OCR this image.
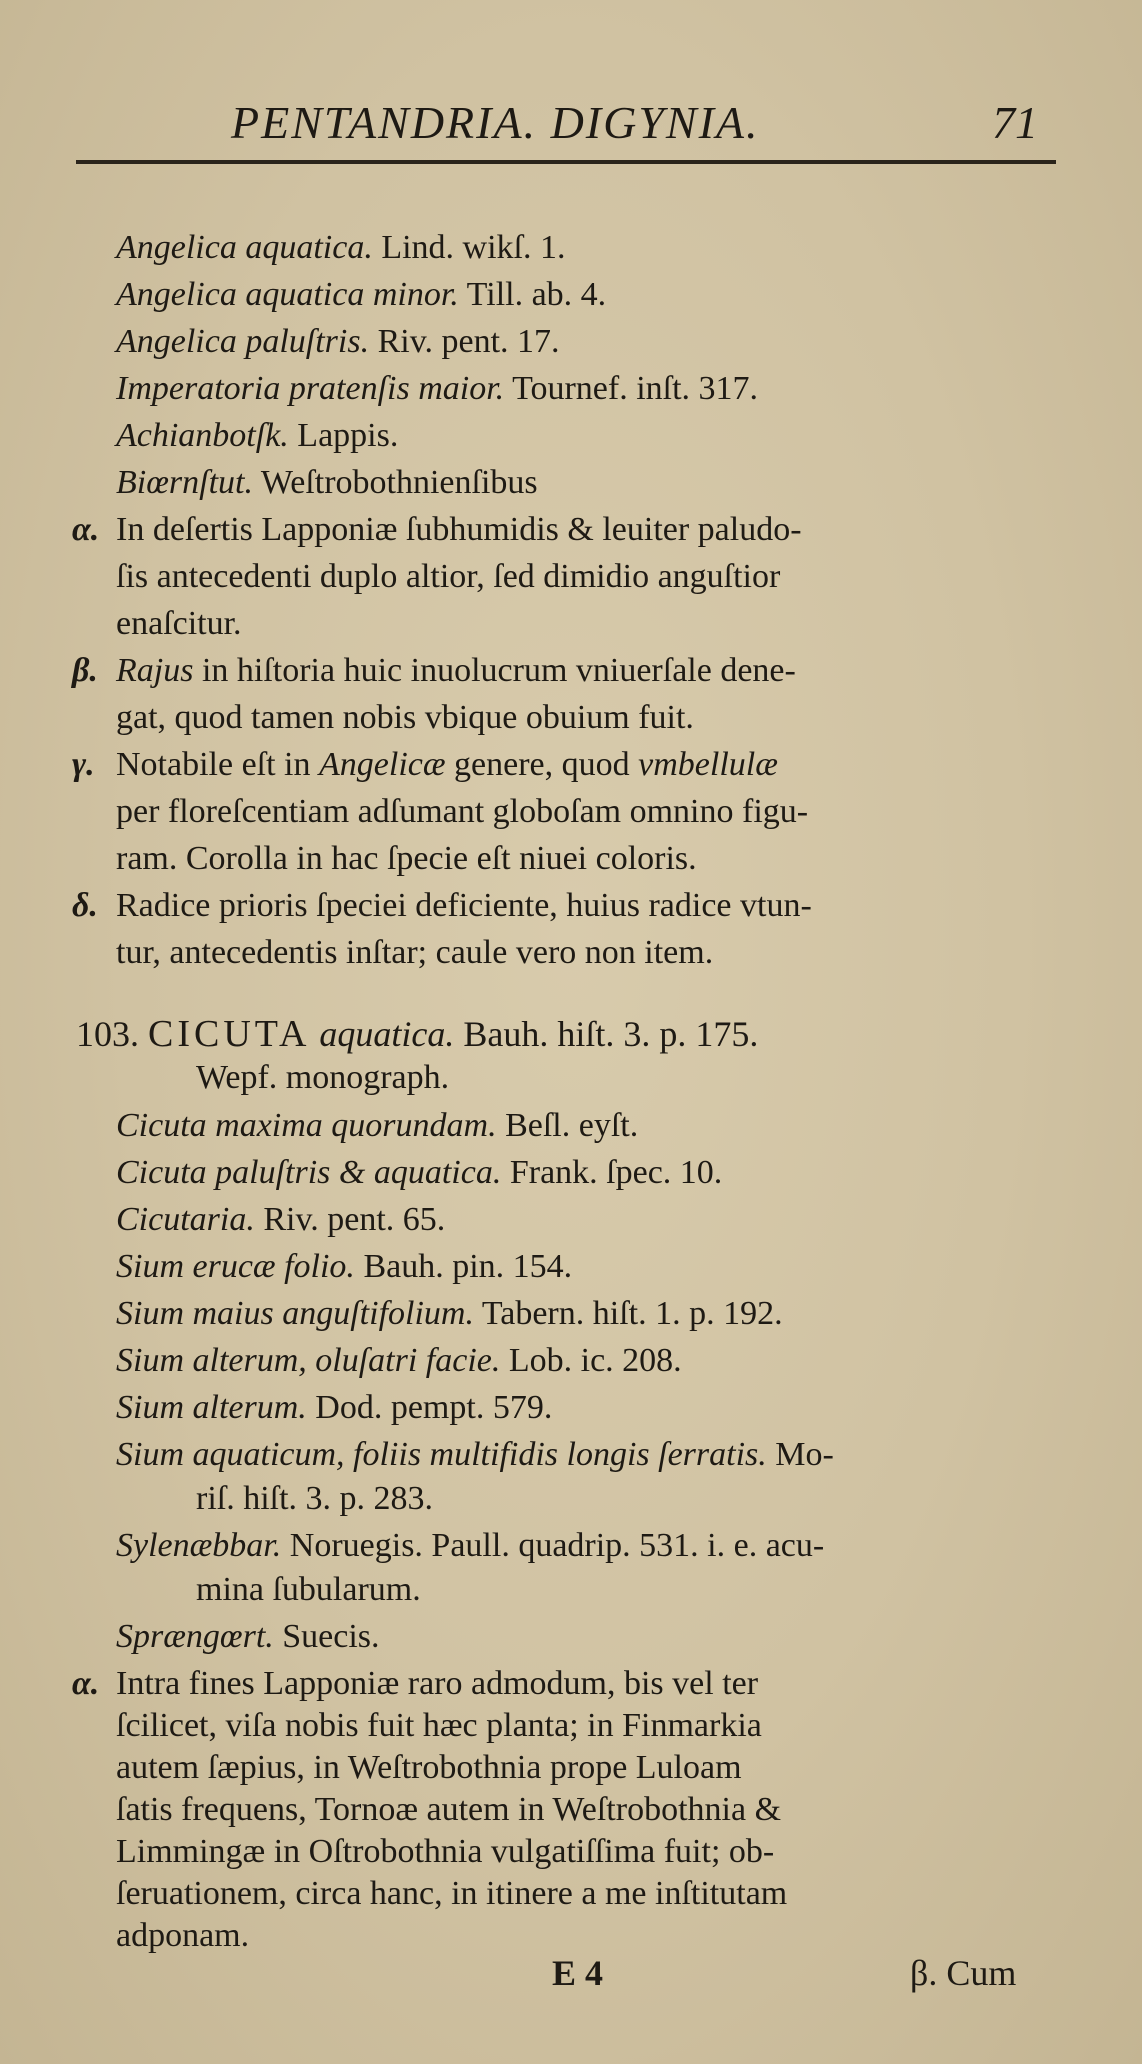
PENTANDRIA. DIGYNIA.	71
Angelica aquatica. Lind. wikſ. 1.
Angelica aquatica minor. Till. ab. 4.
Angelica paluſtris. Riv. pent. 17.
Imperatoria pratenſis maior. Tournef. inſt. 317.
Achianbotſk. Lappis.
Biœrnſtut. Weſtrobothnienſibus
α. In deſertis Lapponiæ ſubhumidis & leuiter paludo-
ſis antecedenti duplo altior, ſed dimidio anguſtior
enaſcitur.
β. Rajus in hiſtoria huic inuolucrum vniuerſale dene-
gat, quod tamen nobis vbique obuium fuit.
γ. Notabile eſt in Angelicæ genere, quod vmbellulæ
per floreſcentiam adſumant globoſam omnino figu-
ram. Corolla in hac ſpecie eſt niuei coloris.
δ. Radice prioris ſpeciei deficiente, huius radice vtun-
tur, antecedentis inſtar; caule vero non item.
103. CICUTA aquatica. Bauh. hiſt. 3. p. 175.
Wepf. monograph.
Cicuta maxima quorundam. Beſl. eyſt.
Cicuta paluſtris & aquatica. Frank. ſpec. 10.
Cicutaria. Riv. pent. 65.
Sium erucæ folio. Bauh. pin. 154.
Sium maius anguſtifolium. Tabern. hiſt. 1. p. 192.
Sium alterum, oluſatri facie. Lob. ic. 208.
Sium alterum. Dod. pempt. 579.
Sium aquaticum, foliis multifidis longis ſerratis. Mo-
riſ. hiſt. 3. p. 283.
Sylenæbbar. Noruegis. Paull. quadrip. 531. i. e. acu-
mina ſubularum.
Sprængœrt. Suecis.
α. Intra fines Lapponiæ raro admodum, bis vel ter
ſcilicet, viſa nobis fuit hæc planta; in Finmarkia
autem ſæpius, in Weſtrobothnia prope Luloam
ſatis frequens, Tornoæ autem in Weſtrobothnia &
Limmingæ in Oſtrobothnia vulgatiſſima fuit; ob-
ſeruationem, circa hanc, in itinere a me inſtitutam
adponam.
E 4	β. Cum
